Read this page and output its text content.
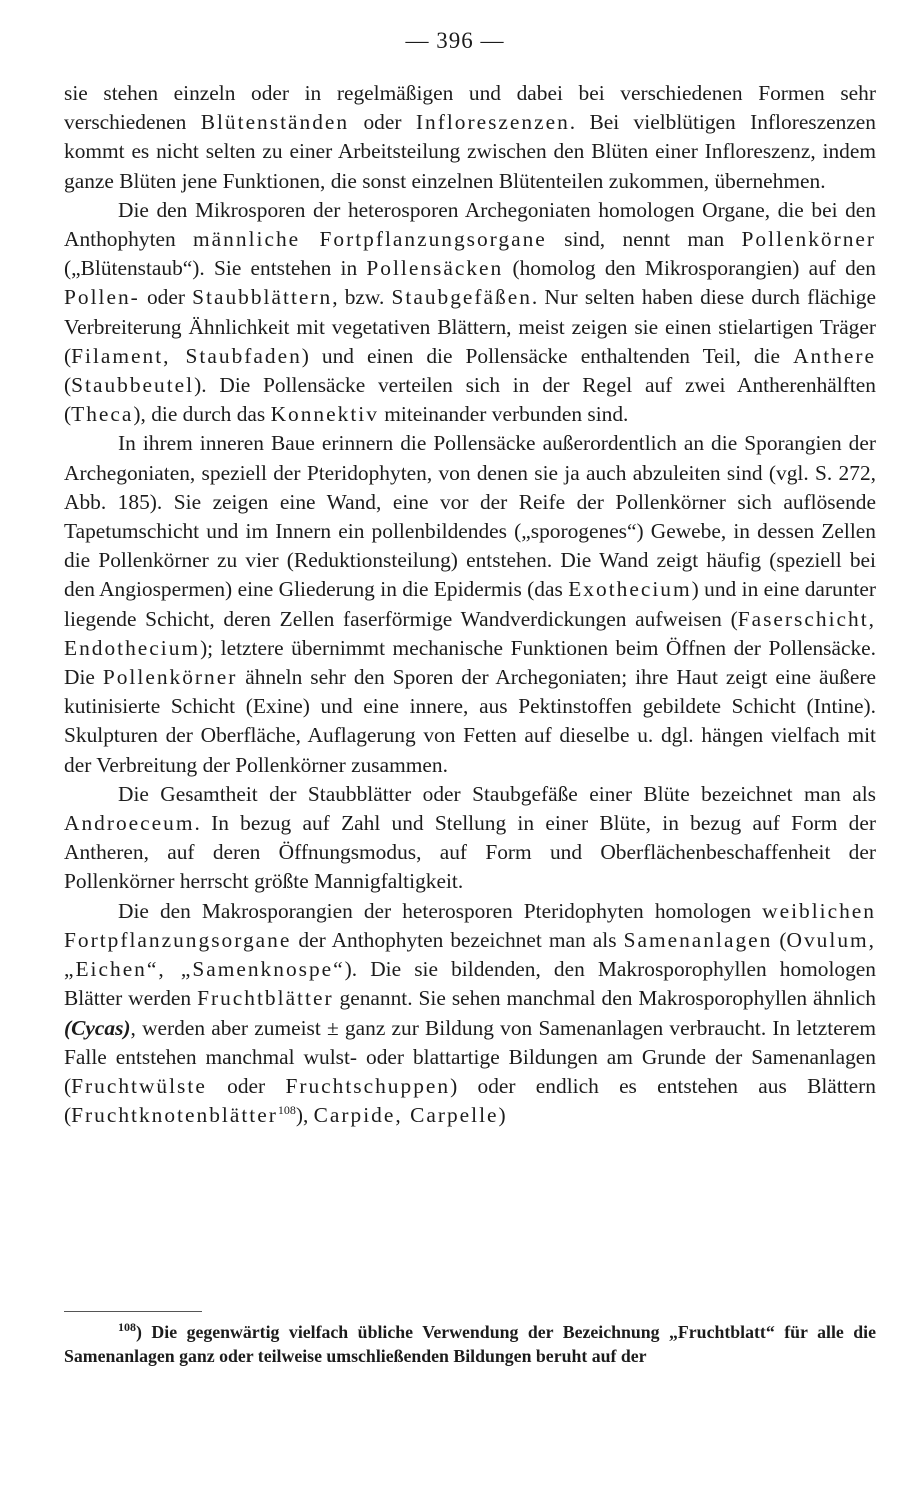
— 396 —

sie stehen einzeln oder in regelmäßigen und dabei bei verschiedenen Formen sehr verschiedenen Blütenständen oder Infloreszenzen. Bei vielblütigen Infloreszenzen kommt es nicht selten zu einer Arbeitsteilung zwischen den Blüten einer Infloreszenz, indem ganze Blüten jene Funktionen, die sonst einzelnen Blütenteilen zukommen, übernehmen.

Die den Mikrosporen der heterosporen Archegoniaten homologen Organe, die bei den Anthophyten männliche Fortpflanzungsorgane sind, nennt man Pollenkörner („Blütenstaub“). Sie entstehen in Pollensäcken (homolog den Mikrosporangien) auf den Pollen- oder Staubblättern, bzw. Staubgefäßen. Nur selten haben diese durch flächige Verbreiterung Ähnlichkeit mit vegetativen Blättern, meist zeigen sie einen stielartigen Träger (Filament, Staubfaden) und einen die Pollensäcke enthaltenden Teil, die Anthere (Staubbeutel). Die Pollensäcke verteilen sich in der Regel auf zwei Antherenhälften (Theca), die durch das Konnektiv miteinander verbunden sind.

In ihrem inneren Baue erinnern die Pollensäcke außerordentlich an die Sporangien der Archegoniaten, speziell der Pteridophyten, von denen sie ja auch abzuleiten sind (vgl. S. 272, Abb. 185). Sie zeigen eine Wand, eine vor der Reife der Pollenkörner sich auflösende Tapetumschicht und im Innern ein pollenbildendes („sporogenes“) Gewebe, in dessen Zellen die Pollenkörner zu vier (Reduktionsteilung) entstehen. Die Wand zeigt häufig (speziell bei den Angiospermen) eine Gliederung in die Epidermis (das Exothecium) und in eine darunter liegende Schicht, deren Zellen faserförmige Wandverdickungen aufweisen (Faserschicht, Endothecium); letztere übernimmt mechanische Funktionen beim Öffnen der Pollensäcke. Die Pollenkörner ähneln sehr den Sporen der Archegoniaten; ihre Haut zeigt eine äußere kutinisierte Schicht (Exine) und eine innere, aus Pektinstoffen gebildete Schicht (Intine). Skulpturen der Oberfläche, Auflagerung von Fetten auf dieselbe u. dgl. hängen vielfach mit der Verbreitung der Pollenkörner zusammen.

Die Gesamtheit der Staubblätter oder Staubgefäße einer Blüte bezeichnet man als Androeceum. In bezug auf Zahl und Stellung in einer Blüte, in bezug auf Form der Antheren, auf deren Öffnungsmodus, auf Form und Oberflächenbeschaffenheit der Pollenkörner herrscht größte Mannigfaltigkeit.

Die den Makrosporangien der heterosporen Pteridophyten homologen weiblichen Fortpflanzungsorgane der Anthophyten bezeichnet man als Samenanlagen (Ovulum, „Eichen“, „Samenknospe“). Die sie bildenden, den Makrosporophyllen homologen Blätter werden Fruchtblätter genannt. Sie sehen manchmal den Makrosporophyllen ähnlich (Cycas), werden aber zumeist ± ganz zur Bildung von Samenanlagen verbraucht. In letzterem Falle entstehen manchmal wulst- oder blattartige Bildungen am Grunde der Samenanlagen (Fruchtwülste oder Fruchtschuppen) oder endlich es entstehen aus Blättern (Fruchtknotenblätter$^{108}$), Carpide, Carpelle)

$^{108}$) Die gegenwärtig vielfach übliche Verwendung der Bezeichnung „Fruchtblatt“ für alle die Samenanlagen ganz oder teilweise umschließenden Bildungen beruht auf der
